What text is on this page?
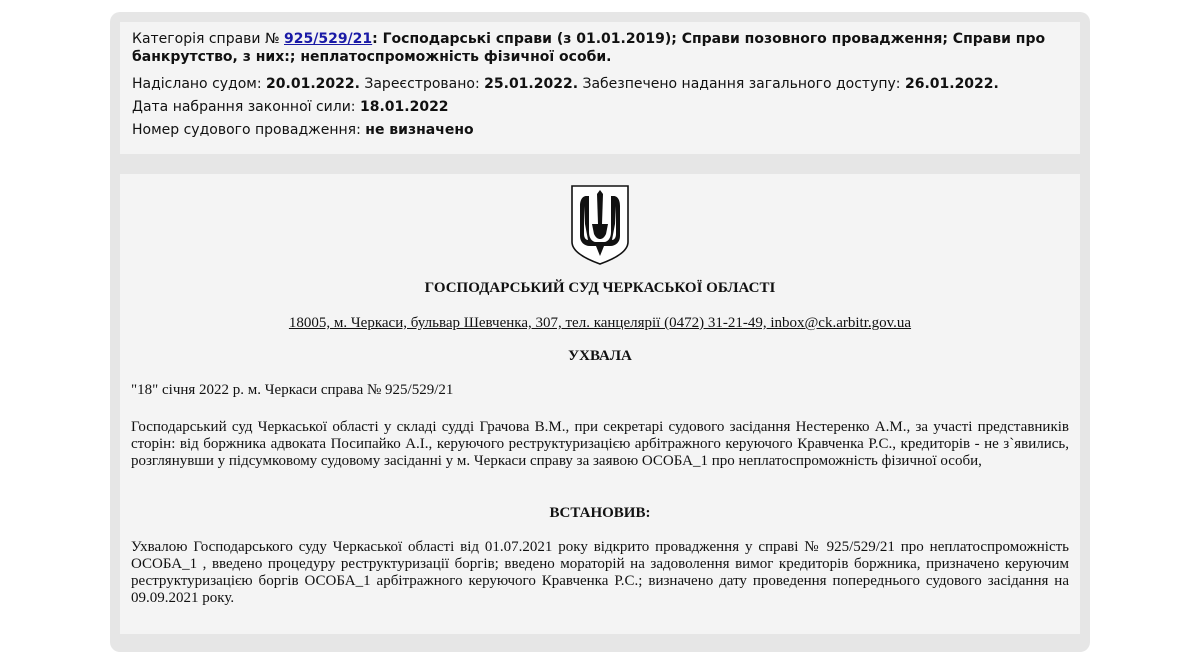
Категорія справи № 925/529/21: Господарські справи (з 01.01.2019); Справи позовного провадження; Справи про банкрутство, з них:; неплатоспроможність фізичної особи.
Надіслано судом: 20.01.2022. Зареєстровано: 25.01.2022. Забезпечено надання загального доступу: 26.01.2022.
Дата набрання законної сили: 18.01.2022
Номер судового провадження: не визначено
ГОСПОДАРСЬКИЙ СУД ЧЕРКАСЬКОЇ ОБЛАСТІ
18005, м. Черкаси, бульвар Шевченка, 307, тел. канцелярії (0472) 31-21-49, inbox@ck.arbitr.gov.ua
УХВАЛА
"18" січня 2022 р. м. Черкаси справа № 925/529/21
Господарський суд Черкаської області у складі судді Грачова В.М., при секретарі судового засідання Нестеренко А.М., за участі представників сторін: від боржника адвоката Посипайко А.І., керуючого реструктуризацією арбітражного керуючого Кравченка Р.С., кредиторів - не з`явились, розглянувши у підсумковому судовому засіданні у м. Черкаси справу за заявою ОСОБА_1 про неплатоспроможність фізичної особи,
ВСТАНОВИВ:
Ухвалою Господарського суду Черкаської області від 01.07.2021 року відкрито провадження у справі № 925/529/21 про неплатоспроможність ОСОБА_1 , введено процедуру реструктуризації боргів; введено мораторій на задоволення вимог кредиторів боржника, призначено керуючим реструктуризацією боргів ОСОБА_1 арбітражного керуючого Кравченка Р.С.; визначено дату проведення попереднього судового засідання на 09.09.2021 року.
